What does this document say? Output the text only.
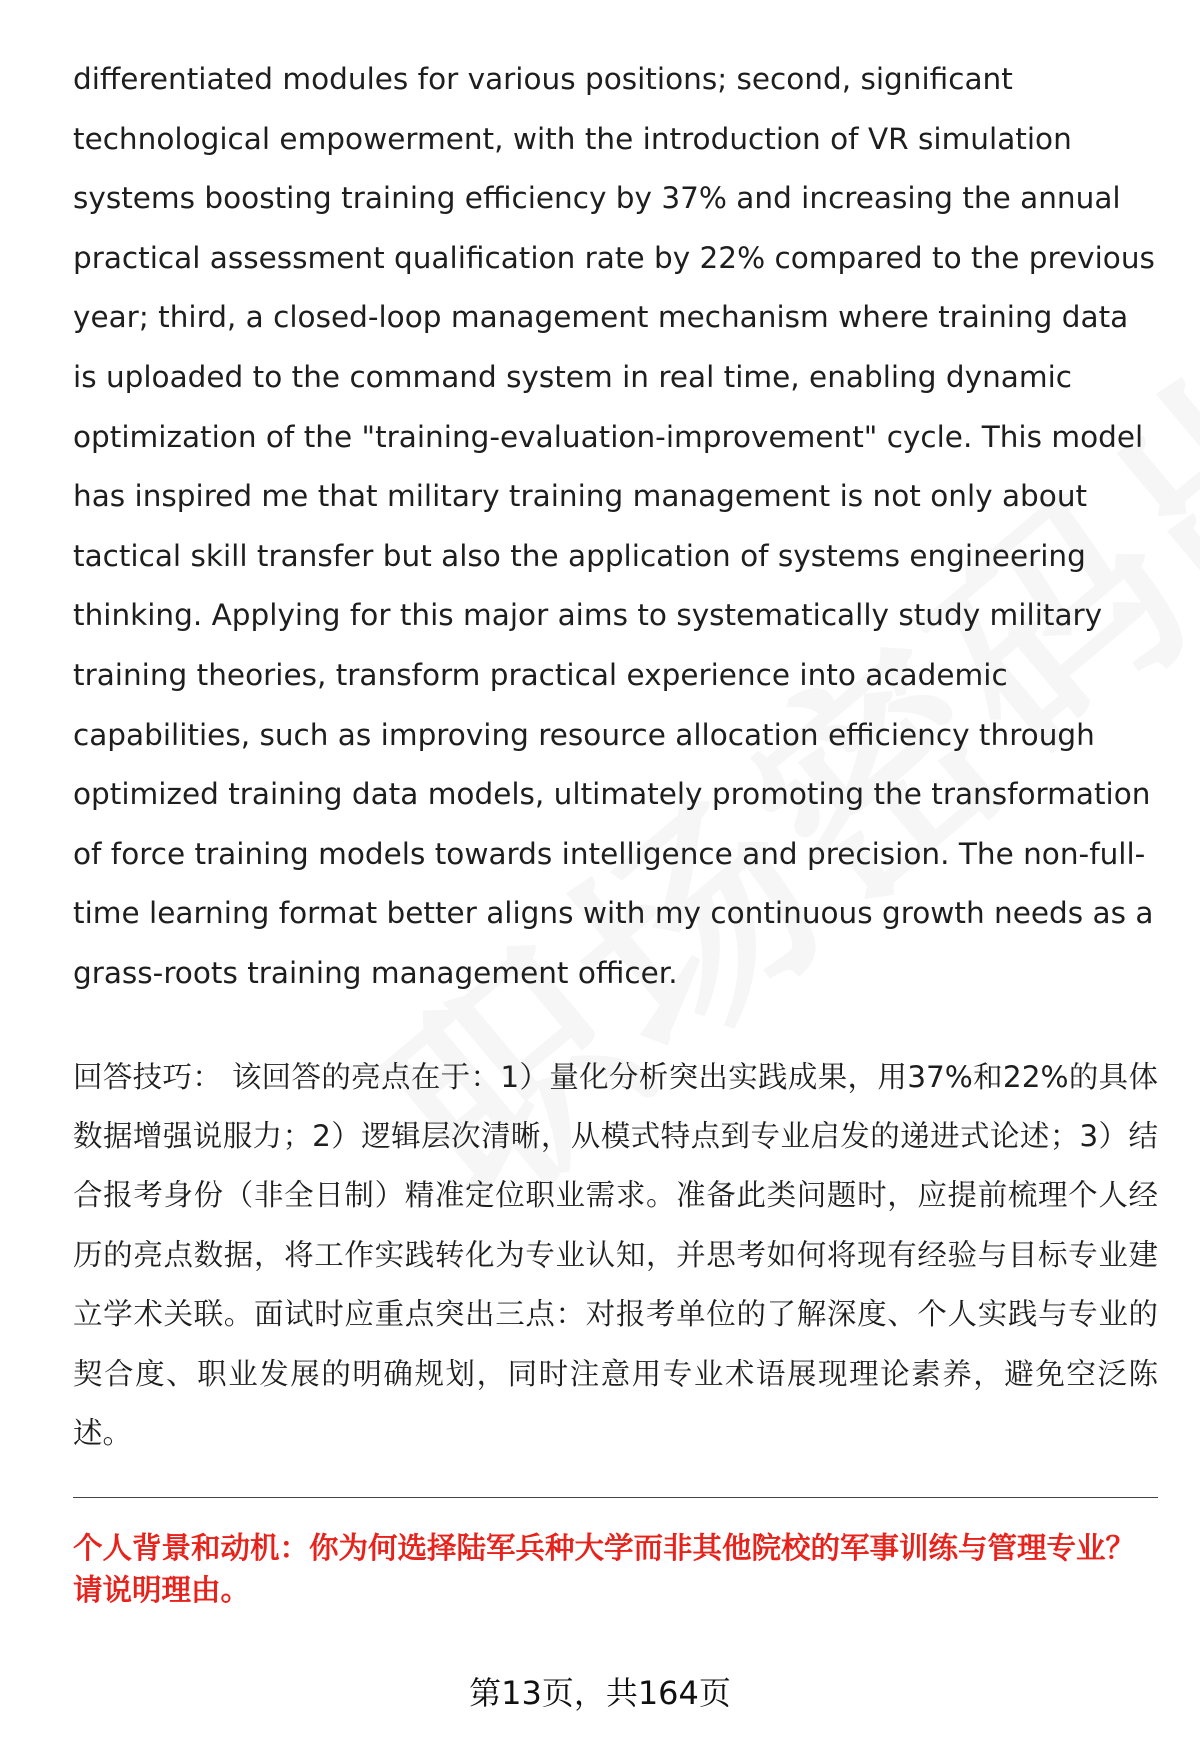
differentiated modules for various positions; second, significant technological empowerment, with the introduction of VR simulation systems boosting training efficiency by 37% and increasing the annual practical assessment qualification rate by 22% compared to the previous year; third, a closed-loop management mechanism where training data is uploaded to the command system in real time, enabling dynamic optimization of the "training-evaluation-improvement" cycle. This model has inspired me that military training management is not only about tactical skill transfer but also the application of systems engineering thinking. Applying for this major aims to systematically study military training theories, transform practical experience into academic capabilities, such as improving resource allocation efficiency through optimized training data models, ultimately promoting the transformation of force training models towards intelligence and precision. The non-full-time learning format better aligns with my continuous growth needs as a grass-roots training management officer.

回答技巧： 该回答的亮点在于：1）量化分析突出实践成果，用37%和22%的具体数据增强说服力；2）逻辑层次清晰，从模式特点到专业启发的递进式论述；3）结合报考身份（非全日制）精准定位职业需求。准备此类问题时，应提前梳理个人经历的亮点数据，将工作实践转化为专业认知，并思考如何将现有经验与目标专业建立学术关联。面试时应重点突出三点：对报考单位的了解深度、个人实践与专业的契合度、职业发展的明确规划，同时注意用专业术语展现理论素养，避免空泛陈述。

个人背景和动机：你为何选择陆军兵种大学而非其他院校的军事训练与管理专业？请说明理由。

第13页，共164页
